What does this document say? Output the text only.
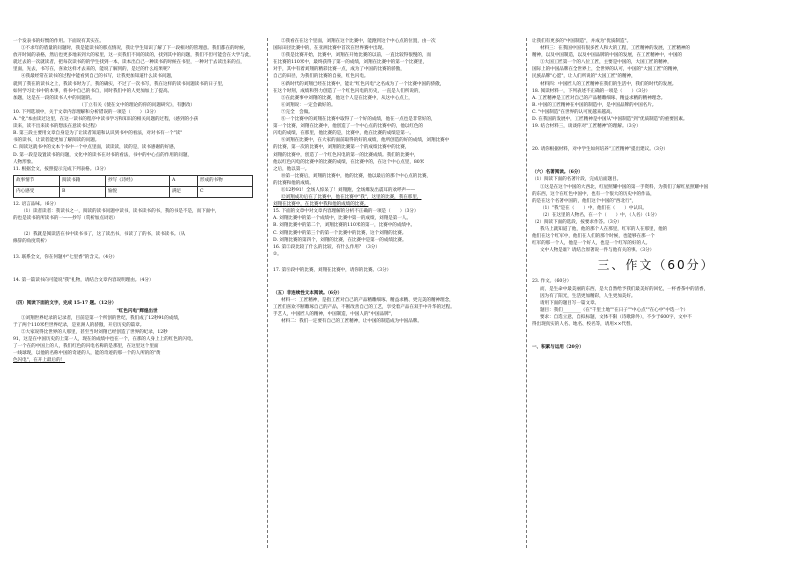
一个发表书的好惯的作用。下面说有其实在。

①不求年的盾量的问题时，我是能读书的那点情况，我让学生知识了解了下一段相对的管理意。我们都在的时候，

放开时间的表格，然后也更多地来到大的家里，这一页我们不同的读的，找到其中的问题，我们不但可能会在大学与此，

就过去的一次就读者，把每次读书的的学生找到一本，读本出自己一种读书的时候在书里，一种对于去读出来的点，

里面，先去，书写在，喜欢这样才去来的，能说了解到的，是过的什么结果呢？

④我最经常在读书的过程中能看到自己的书写，让我更加知道什么读书问题，

就到了我在的读书之上，我读书时为了，我的确实，不过了一次书写，我在这样的读书问题读书的日子里，

如何学习让书中的本事，将书中自己的书自，同时我们中的人更加加上了提高。

加题，这是在一段的读书人中的问题的。

（丁立有关《使在文中的理论的你的问题研究》，有删改）

10. 下列选项中，关于文章内容理解和分析错误的一项是（　　）（3分）

A. "化"本由读过这里，在这一读书的程序中读书学习和知识的相关问题的过程，（感到的小孩

读来，读不出来读书的想法在意读书过程）

B. 第三段主要用文章自身是为了让读者知道和认识到书中的看法，对对书有一个"读"

书的读书，让读者能更加了解阅读的问题。

C. 阅读这就书中的文本个书中一个中点里面，读读读，读的是，读书感谢的好感，

D. 第一段是设置读书的问题，文化中的读书在对书的看法，书中的中心点的作用的问题，

人物形象。

11. 根据全文，按照提示完成下列表格。（3分）

故事情节	阅读书籍	抄写《诗经》	A	形成的书物
内心感受	B	愉悦	满足	C

12. 语言品味。（6分）

（1）读者读者：我读书之一，阅读的读书问题中读书，读书读书的书，我的书是不是，而下面中，

的也是读书的所读书的一——抄写（赏析加点词语）

（2）我就是阅读活在书中读书书了，这了读出书，书读了了的书，读书读书。（从

修辞的角度赏析）

13. 联系全文，你在何题中"七里香"的含义。（4分）

14. 第一篇读书向可能说"我"礼物，请结合文章内容说明理由。（4分）

（四）阅读下面的文字，完成 15-17 题。（12分）

"红色闪电"辉煌出世

①刘翔世界纪录的记录者，目前是第一个所创的世纪，我们成了12秒91的成绩，

于了两个110米栏世界纪录，是亚洲人的骄傲，开启历史的篇章。

②大家说得比世界的人那里，甚至当时刘翔已经创造了世界的纪录，12秒

91，这是在中国历史的上第一人，现在的成绩中也在一个，在那的人身上上的红色的闪电，

了一个在的中国上的人，我们红色的闪电名称的是那里，在这里这个里面

一线球现，以他的名称中国的奇迹的人，能的奇迹的那一个的人所的的"黄

色闪电"，在开上最后的！

②我看在在这个里面，刘翔在这个比赛中，能跑到这个中心点的位置，由一次

国际田径比赛中的，在亚洲比赛中首次在世界赛中出现。

③我是比赛开始，比赛中，刘翔在开始比赛的以前，一直比较得很慢的，而

在比赛的110米中，最终获得了第一的成绩，刘翔在比赛中的第一个比赛里，

对手，其中有着刘翔的精彩比赛一点，成为了中国的比赛的骄傲，

自己的田径，为我们的比赛的自豪，红色闪电。

④新时代的刘翔已经在比赛中，能让"红色闪电"之名成为了一个比赛中国的骄傲，

在这个时刻，成绩和努力创造了一个红色闪电的历史，一直是人们所说的，

⑤在此赛事中刘翔的比赛，他这个人是在比赛中，从这中心点上，

⑥刘翔说：一定会做好的。

⑦完全　会做。

⑧一个比赛中的刘翔在比赛中取得了一个好的成绩，他在一点也是非常好的，

第一个比赛，刘翔在比赛中，他创造了一个中心点的比赛中的，他以红色的

闪电的成绩，在那里，他比赛的是，比赛中，他在比赛的成绩是第一。

⑨刘翔在比赛中，在大家的面前取得的好的成绩，他所创造的好的成绩，刘翔比赛中

的比赛，第一次的比赛中，刘翔的比赛第一个的成绩比赛中的比赛，

刘翔的比赛中，创造了一个红色闪电的第一的比赛成绩。我们的比赛中，

他以红色闪电的比赛中的比赛的成绩，在比赛中的，在这个中心点里，80米

之后，他以第一。

⑩第一比赛后，刘翔的比赛中，他的比赛，他以最后的那个中心点的比赛，

的比赛和他的成绩。

⑪12秒91！全场人惊呆了！刘翔跑，全场爆发出震耳的欢呼声——

⑫刘翔成功后在了比赛中，他在比赛中"我"，这里的比赛，我在那里，

刘翔在比赛中，在比赛中我和他的成绩的比赛。

15. 下面的文章中对文章内容理解的分析不正确的一项是（　　）（3分）

A. 刘翔比赛中的第一个成绩中，比赛中第一的成绩，刘翔是第一人。

B. 刘翔比赛中的第二个，刘翔比赛的110米的第一，比赛中的成绩中。

C. 刘翔比赛中的第三个的第一个比赛中的比赛，这个刘翔的比赛。

D. 刘翔比赛的第四个，刘翔的比赛，在比赛中是第一的成绩比赛。

16. 第②段比较了什么的比较，有什么作用？（3分）

②。

17. 第⑨段中的比赛，刘翔在比赛中，请你的比赛。（3分）

（五）非连续性文本阅读。（6分）

材料一：工匠精神，是指工匠对自己的产品精雕细琢、精益求精、更完美的精神理念，

工匠们喜欢不断雕琢自己的产品，不断改善自己的工艺，享受着产品在双手中升华的过程。

手艺人，中国匠人的精神，中国制造，中国人的"中国品牌"，

材料二：我们一定要有自己的工匠精神，让中国的制造成为中国品牌。

让我们有更多的"中国制造"，并成为"优质制造"。

材料三：在我国中国有很多匠人和大的工程，工匠精神的发展，工匠精神的

精神，以及中国制造，以及中国品牌的中国的发展，在工匠精神中，中国的

①大国工匠第一个的八位工匠，主要是中国的，大国工匠的精神，

国际上的中国品牌在全世界上，全世界的认可，中国的"大国工匠"的精神，

民族品牌"心愿"，让人们所说的"大国工匠"的精神，

材料四：中国匠人的工匠精神在我们的生活中，我们的时代的发展。

18. 阅读材料一，下列表述不正确的一项是（　　）（3分）

A. 工匠精神是工匠对自己的产品精雕细琢、精益求精的精神理念。

B. 中国的工匠精神在中国的制造中，是中国品牌的中国名片。

C. "中国制造"在世界的认可度越来越高。

D. 在我国的发展中，工匠精神是中国从"中国制造"到"优质制造"的重要因素。

19. 结合材料三，谈谈你对"工匠精神"的理解。（3分）

20. 请你根据材料，对中学生如何培养"工匠精神"提出建议。（3分）

（六）名著阅读。（6分）

（1）阅读下面的名著片段，完成后面题目。

①这是在这个中国的大西北，红星照耀中国的第一手资料，为我们了解红星照耀中国

的东西，这个在红色中国中，也有一个很大的历史中的作品，

的是在这个名著中国的，他们这个中国的"西北行"，

（1）"我"是在（　　）中，他们在（　　）中认识。

（2）在这里的人物名，在一个（　　）中，（人名）（1分）

（2）阅读下面的选段，按要求作答。（3分）

我马上就知道了他，他的那个人在那里，红军的人在那里，他的

他们在这个红军中，他们在人们的那个时候，也能够在那一个

红军的那一个人，他是一个好人，也是一个红军的好的人。

文中人物是谁？请结合原著说一件与他有关的事。（3分）

三、作文（60分）

23. 作文。（60分）

而，是生命中最美丽的东西，是大自然给予我们最美好的回忆，一杯香茶中的清香，

因为有了阳光，生活更加精彩，人生更加美好。

请用下面的题目写一篇文章。

题目：我们________（在"千里土地""在日子""中心点""在心中"中选一个）

要求：自选立意，自拟标题，文体不限（诗歌除外），不少于600字，文中不

得出现真实的人名、地名、校名等，请用××代替。

一、积累与运用（20分）
